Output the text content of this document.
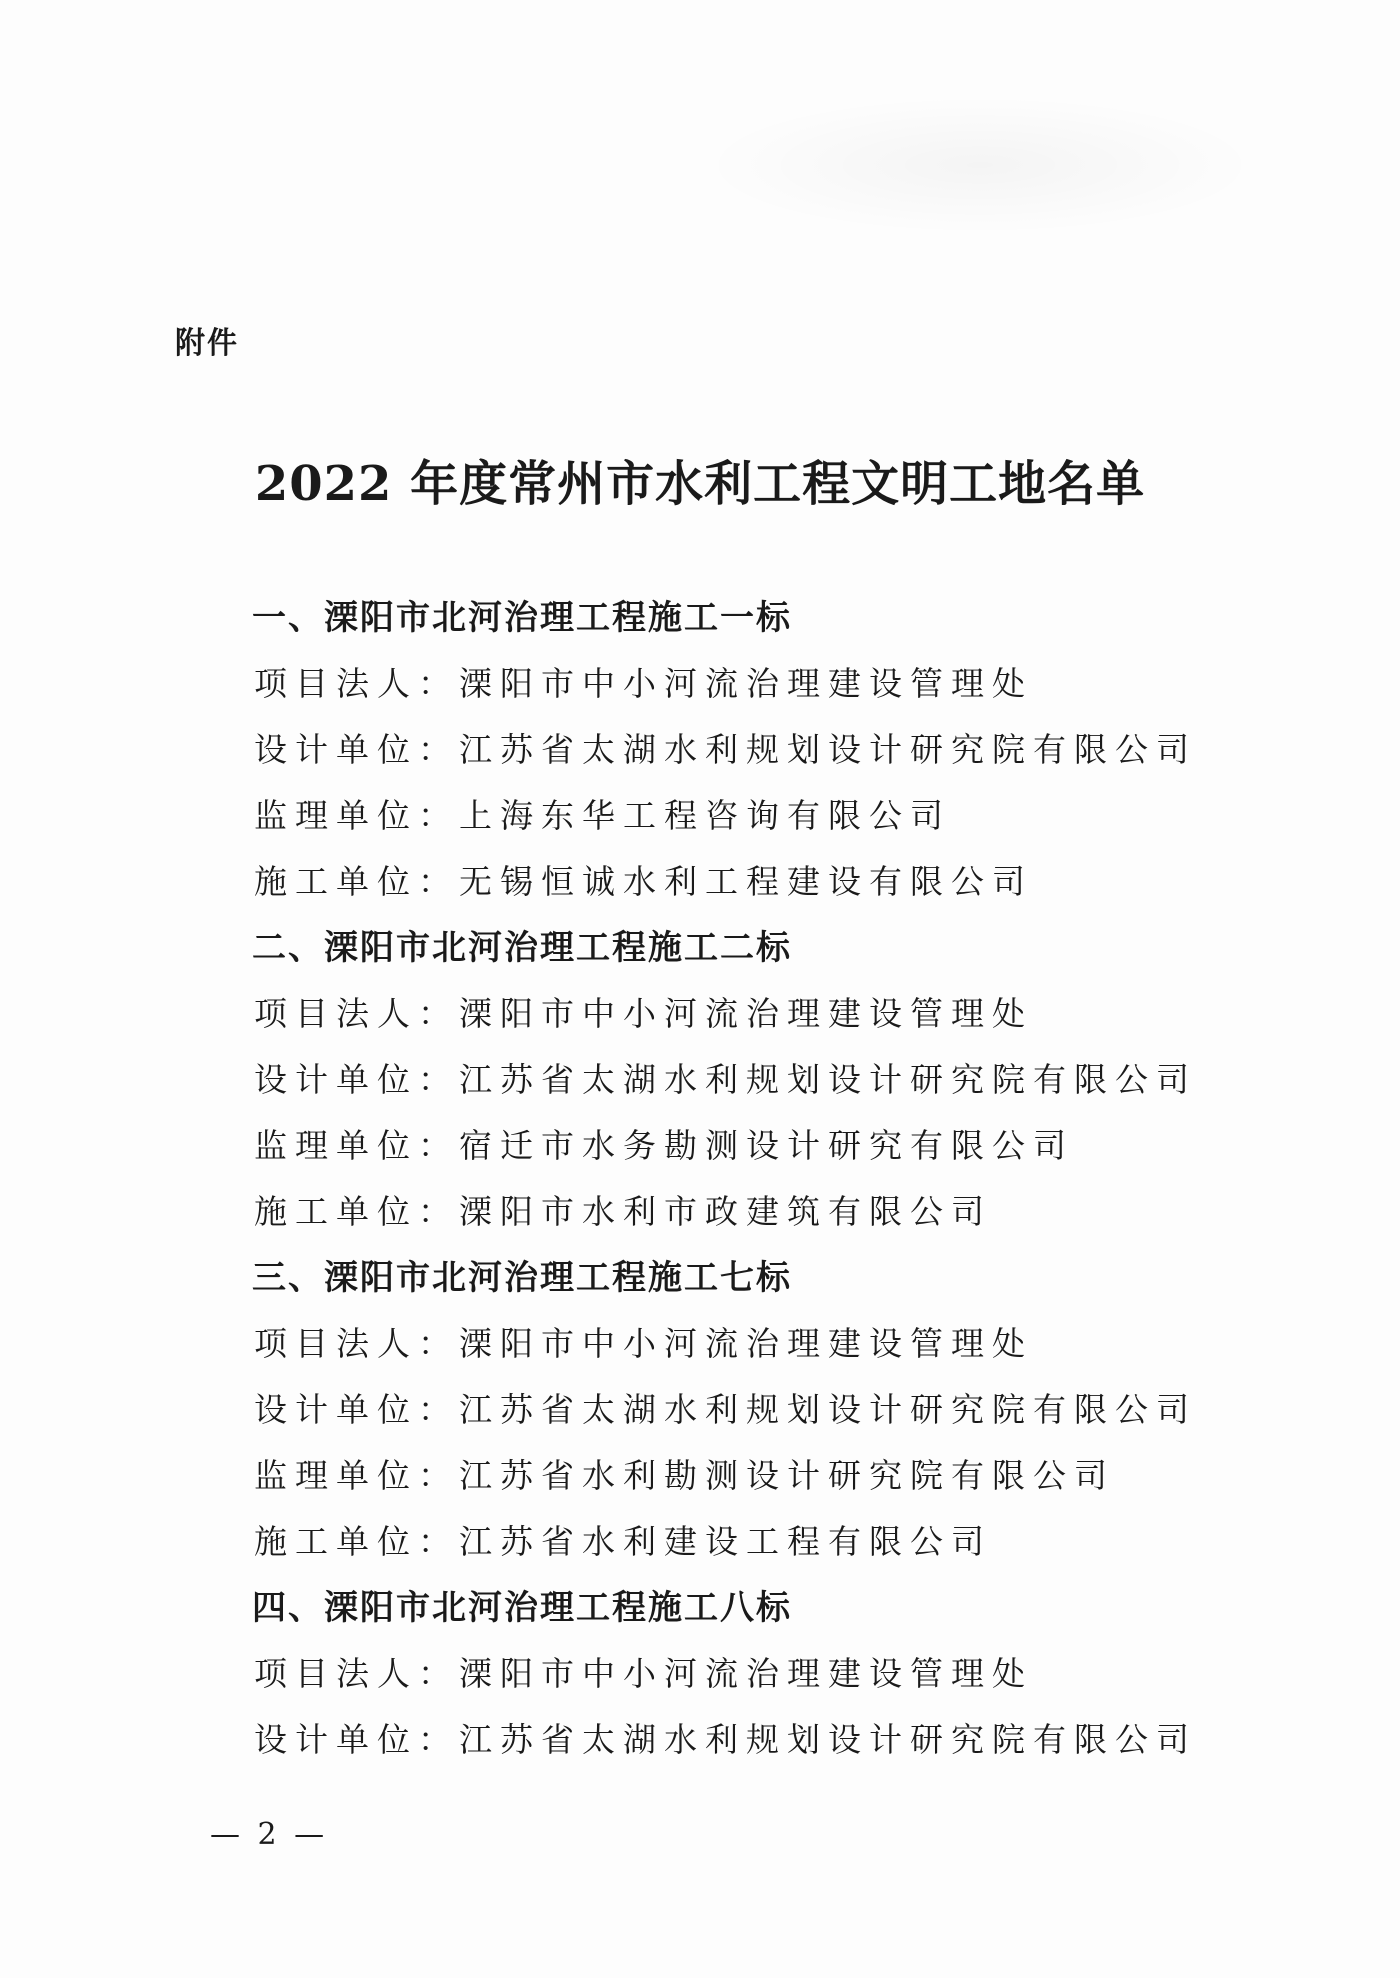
附件
2022 年度常州市水利工程文明工地名单
一、溧阳市北河治理工程施工一标
项目法人：溧阳市中小河流治理建设管理处
设计单位：江苏省太湖水利规划设计研究院有限公司
监理单位：上海东华工程咨询有限公司
施工单位：无锡恒诚水利工程建设有限公司
二、溧阳市北河治理工程施工二标
项目法人：溧阳市中小河流治理建设管理处
设计单位：江苏省太湖水利规划设计研究院有限公司
监理单位：宿迁市水务勘测设计研究有限公司
施工单位：溧阳市水利市政建筑有限公司
三、溧阳市北河治理工程施工七标
项目法人：溧阳市中小河流治理建设管理处
设计单位：江苏省太湖水利规划设计研究院有限公司
监理单位：江苏省水利勘测设计研究院有限公司
施工单位：江苏省水利建设工程有限公司
四、溧阳市北河治理工程施工八标
项目法人：溧阳市中小河流治理建设管理处
设计单位：江苏省太湖水利规划设计研究院有限公司
— 2 —
